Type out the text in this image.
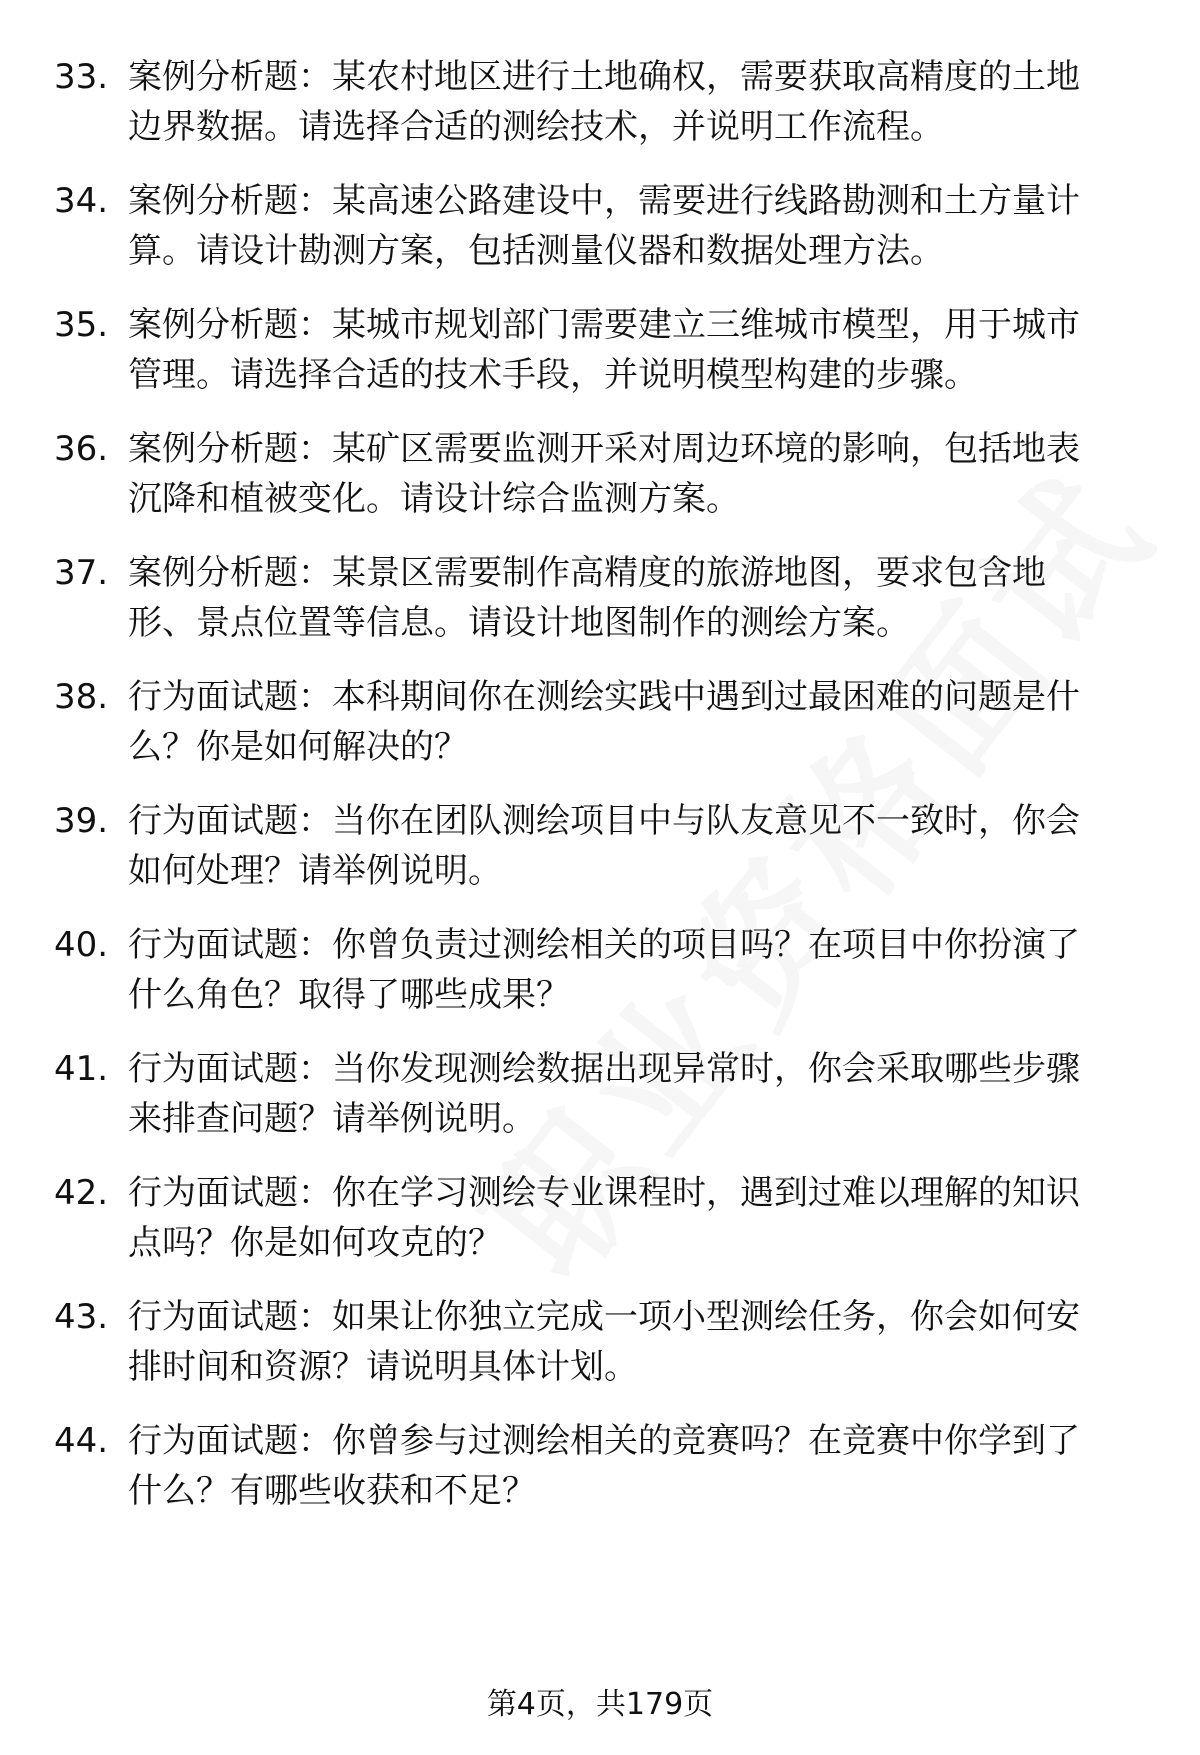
33. 案例分析题：某农村地区进行土地确权，需要获取高精度的土地
边界数据。请选择合适的测绘技术，并说明工作流程。
34. 案例分析题：某高速公路建设中，需要进行线路勘测和土方量计
算。请设计勘测方案，包括测量仪器和数据处理方法。
35. 案例分析题：某城市规划部门需要建立三维城市模型，用于城市
管理。请选择合适的技术手段，并说明模型构建的步骤。
36. 案例分析题：某矿区需要监测开采对周边环境的影响，包括地表
沉降和植被变化。请设计综合监测方案。
37. 案例分析题：某景区需要制作高精度的旅游地图，要求包含地
形、景点位置等信息。请设计地图制作的测绘方案。
38. 行为面试题：本科期间你在测绘实践中遇到过最困难的问题是什
么？你是如何解决的？
39. 行为面试题：当你在团队测绘项目中与队友意见不一致时，你会
如何处理？请举例说明。
40. 行为面试题：你曾负责过测绘相关的项目吗？在项目中你扮演了
什么角色？取得了哪些成果？
41. 行为面试题：当你发现测绘数据出现异常时，你会采取哪些步骤
来排查问题？请举例说明。
42. 行为面试题：你在学习测绘专业课程时，遇到过难以理解的知识
点吗？你是如何攻克的？
43. 行为面试题：如果让你独立完成一项小型测绘任务，你会如何安
排时间和资源？请说明具体计划。
44. 行为面试题：你曾参与过测绘相关的竞赛吗？在竞赛中你学到了
什么？有哪些收获和不足？
第4页，共179页
